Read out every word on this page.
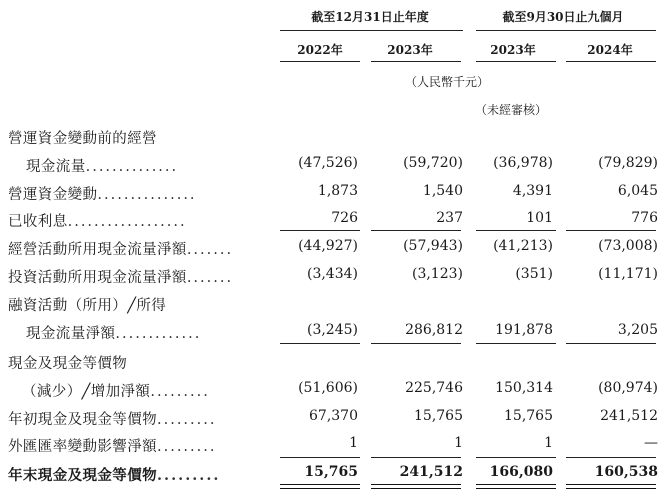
截至12月31日止年度	截至9月30日止九個月
2022年	2023年	2023年	2024年
（人民幣千元）
（未經審核）
營運資金變動前的經營
現金流量..............	(47,526)	(59,720)	(36,978)	(79,829)
營運資金變動...............	1,873	1,540	4,391	6,045
已收利息..................	726	237	101	776
經營活動所用現金流量淨額.......	(44,927)	(57,943)	(41,213)	(73,008)
投資活動所用現金流量淨額.......	(3,434)	(3,123)	(351)	(11,171)
融資活動（所用）╱所得
現金流量淨額.............	(3,245)	286,812	191,878	3,205
現金及現金等價物
（減少）╱增加淨額.........	(51,606)	225,746	150,314	(80,974)
年初現金及現金等價物.........	67,370	15,765	15,765	241,512
外匯匯率變動影響淨額.........	1	1	1	—
年末現金及現金等價物.........	15,765	241,512	166,080	160,538
